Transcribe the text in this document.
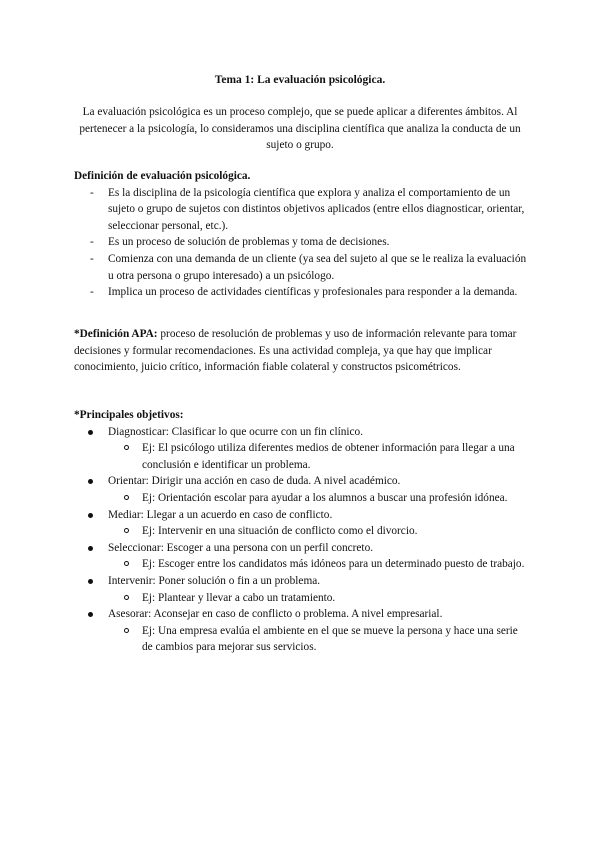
Tema 1: La evaluación psicológica.
La evaluación psicológica es un proceso complejo, que se puede aplicar a diferentes ámbitos. Al pertenecer a la psicología, lo consideramos una disciplina científica que analiza la conducta de un sujeto o grupo.
Definición de evaluación psicológica.
- Es la disciplina de la psicología científica que explora y analiza el comportamiento de un sujeto o grupo de sujetos con distintos objetivos aplicados (entre ellos diagnosticar, orientar, seleccionar personal, etc.).
- Es un proceso de solución de problemas y toma de decisiones.
- Comienza con una demanda de un cliente (ya sea del sujeto al que se le realiza la evaluación u otra persona o grupo interesado) a un psicólogo.
- Implica un proceso de actividades científicas y profesionales para responder a la demanda.

*Definición APA: proceso de resolución de problemas y uso de información relevante para tomar decisiones y formular recomendaciones. Es una actividad compleja, ya que hay que implicar conocimiento, juicio crítico, información fiable colateral y constructos psicométricos.

*Principales objetivos:
Diagnosticar: Clasificar lo que ocurre con un fin clínico.
Ej: El psicólogo utiliza diferentes medios de obtener información para llegar a una conclusión e identificar un problema.
Orientar: Dirigir una acción en caso de duda. A nivel académico.
Ej: Orientación escolar para ayudar a los alumnos a buscar una profesión idónea.
Mediar: Llegar a un acuerdo en caso de conflicto.
Ej: Intervenir en una situación de conflicto como el divorcio.
Seleccionar: Escoger a una persona con un perfil concreto.
Ej: Escoger entre los candidatos más idóneos para un determinado puesto de trabajo.
Intervenir: Poner solución o fin a un problema.
Ej: Plantear y llevar a cabo un tratamiento.
Asesorar: Aconsejar en caso de conflicto o problema. A nivel empresarial.
Ej: Una empresa evalúa el ambiente en el que se mueve la persona y hace una serie de cambios para mejorar sus servicios.
